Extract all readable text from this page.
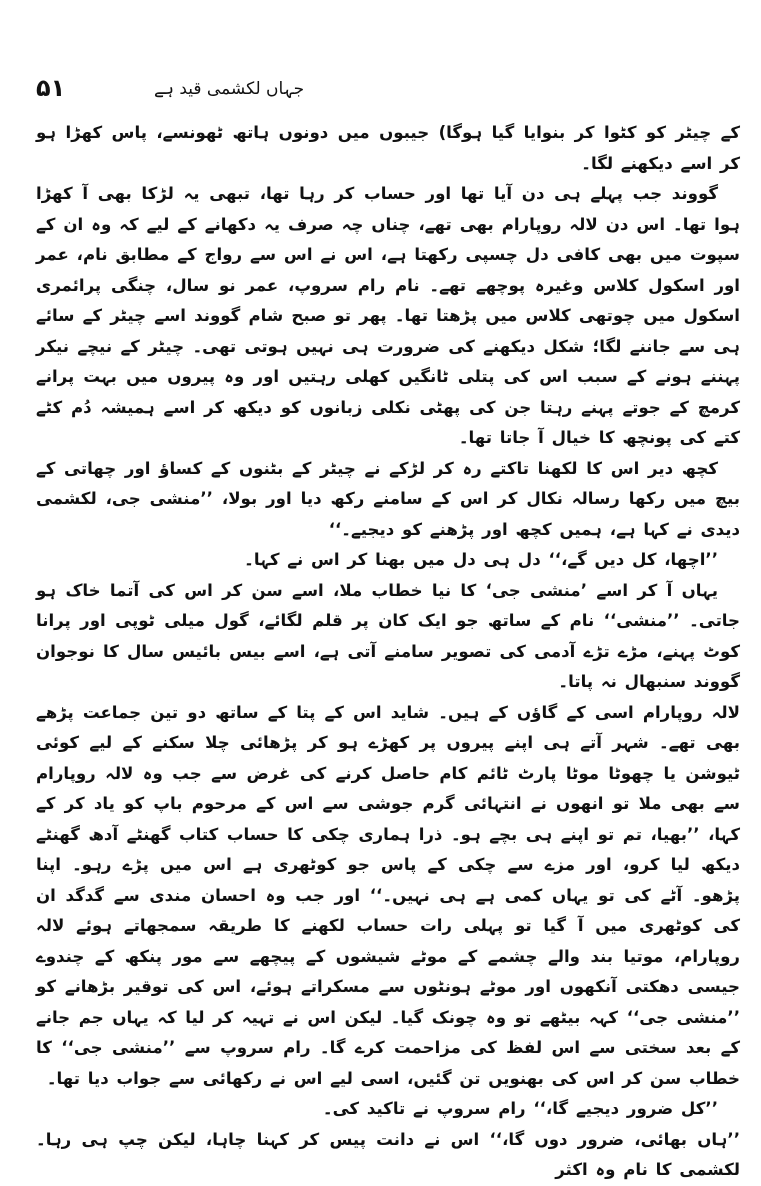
۵۱	جہاں لکشمی قید ہے

کے چیٹر کو کٹوا کر بنوایا گیا ہوگا) جیبوں میں دونوں ہاتھ ٹھونسے، پاس کھڑا ہو کر اسے دیکھنے لگا۔

گووند جب پہلے ہی دن آیا تھا اور حساب کر رہا تھا، تبھی یہ لڑکا بھی آ کھڑا ہوا تھا۔ اس دن لالہ روپارام بھی تھے، چناں چہ صرف یہ دکھانے کے لیے کہ وہ ان کے سپوت میں بھی کافی دل چسپی رکھتا ہے، اس نے اس سے رواج کے مطابق نام، عمر اور اسکول کلاس وغیرہ پوچھے تھے۔ نام رام سروپ، عمر نو سال، چنگی پرائمری اسکول میں چوتھی کلاس میں پڑھتا تھا۔ پھر تو صبح شام گووند اسے چیٹر کے سائے ہی سے جاننے لگا؛ شکل دیکھنے کی ضرورت ہی نہیں ہوتی تھی۔ چیٹر کے نیچے نیکر پہننے ہونے کے سبب اس کی پتلی ٹانگیں کھلی رہتیں اور وہ پیروں میں بہت پرانے کرمچ کے جوتے پہنے رہتا جن کی پھٹی نکلی زبانوں کو دیکھ کر اسے ہمیشہ دُم کٹے کتے کی پونچھ کا خیال آ جاتا تھا۔

کچھ دیر اس کا لکھنا تاکتے رہ کر لڑکے نے چیٹر کے بٹنوں کے کساؤ اور چھاتی کے بیچ میں رکھا رسالہ نکال کر اس کے سامنے رکھ دیا اور بولا، ’’منشی جی، لکشمی دیدی نے کہا ہے، ہمیں کچھ اور پڑھنے کو دیجیے۔‘‘

’’اچھا، کل دیں گے،‘‘ دل ہی دل میں بھنا کر اس نے کہا۔

یہاں آ کر اسے ’منشی جی‘ کا نیا خطاب ملا، اسے سن کر اس کی آتما خاک ہو جاتی۔ ’’منشی‘‘ نام کے ساتھ جو ایک کان پر قلم لگائے، گول میلی ٹوپی اور پرانا کوٹ پہنے، مڑے تڑے آدمی کی تصویر سامنے آتی ہے، اسے بیس بائیس سال کا نوجوان گووند سنبھال نہ پاتا۔

لالہ روپارام اسی کے گاؤں کے ہیں۔ شاید اس کے پتا کے ساتھ دو تین جماعت پڑھے بھی تھے۔ شہر آتے ہی اپنے پیروں پر کھڑے ہو کر پڑھائی چلا سکنے کے لیے کوئی ٹیوشن یا چھوٹا موٹا پارٹ ٹائم کام حاصل کرنے کی غرض سے جب وہ لالہ روپارام سے بھی ملا تو انھوں نے انتہائی گرم جوشی سے اس کے مرحوم باپ کو یاد کر کے کہا، ’’بھیا، تم تو اپنے ہی بچے ہو۔ ذرا ہماری چکی کا حساب کتاب گھنٹے آدھ گھنٹے دیکھ لیا کرو، اور مزے سے چکی کے پاس جو کوٹھری ہے اس میں پڑے رہو۔ اپنا پڑھو۔ آٹے کی تو یہاں کمی ہے ہی نہیں۔‘‘ اور جب وہ احسان مندی سے گدگد ان کی کوٹھری میں آ گیا تو پہلی رات حساب لکھنے کا طریقہ سمجھاتے ہوئے لالہ روپارام، موتیا بند والے چشمے کے موٹے شیشوں کے پیچھے سے مور پنکھ کے چندوے جیسی دھکتی آنکھوں اور موٹے ہونٹوں سے مسکراتے ہوئے، اس کی توقیر بڑھانے کو ’’منشی جی‘‘ کہہ بیٹھے تو وہ چونک گیا۔ لیکن اس نے تہیہ کر لیا کہ یہاں جم جانے کے بعد سختی سے اس لفظ کی مزاحمت کرے گا۔ رام سروپ سے ’’منشی جی‘‘ کا خطاب سن کر اس کی بھنویں تن گئیں، اسی لیے اس نے رکھائی سے جواب دیا تھا۔

’’کل ضرور دیجیے گا،‘‘ رام سروپ نے تاکید کی۔

’’ہاں بھائی، ضرور دوں گا،‘‘ اس نے دانت پیس کر کہنا چاہا، لیکن چپ ہی رہا۔ لکشمی کا نام وہ اکثر
